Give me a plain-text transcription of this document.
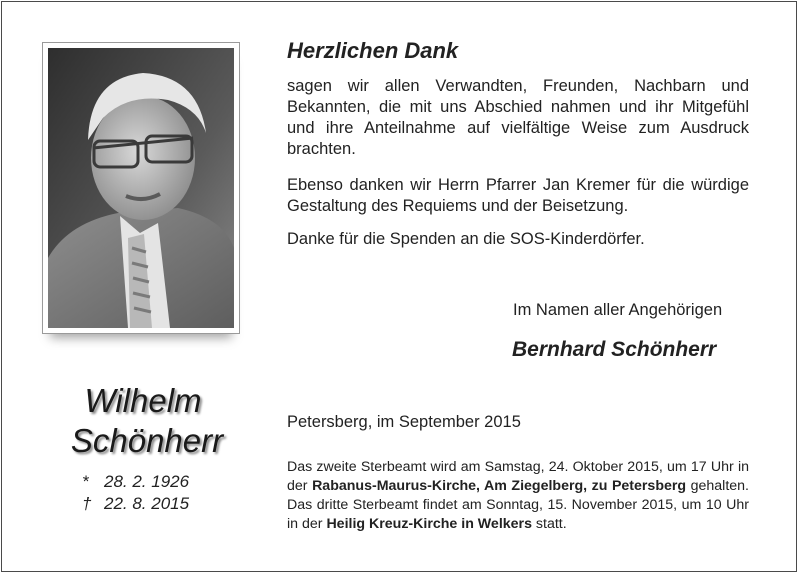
Wilhelm
Schönherr
* 28. 2. 1926
† 22. 8. 2015
Herzlichen Dank
sagen wir allen Verwandten, Freunden, Nachbarn und Bekannten, die mit uns Abschied nahmen und ihr Mitgefühl und ihre Anteilnahme auf vielfältige Weise zum Ausdruck brachten.
Ebenso danken wir Herrn Pfarrer Jan Kremer für die würdige Gestaltung des Requiems und der Beisetzung.
Danke für die Spenden an die SOS-Kinderdörfer.
Im Namen aller Angehörigen
Bernhard Schönherr
Petersberg, im September 2015
Das zweite Sterbeamt wird am Samstag, 24. Oktober 2015, um 17 Uhr in der Rabanus-Maurus-Kirche, Am Ziegelberg, zu Petersberg gehalten. Das dritte Sterbeamt findet am Sonntag, 15. November 2015, um 10 Uhr in der Heilig Kreuz-Kirche in Welkers statt.
